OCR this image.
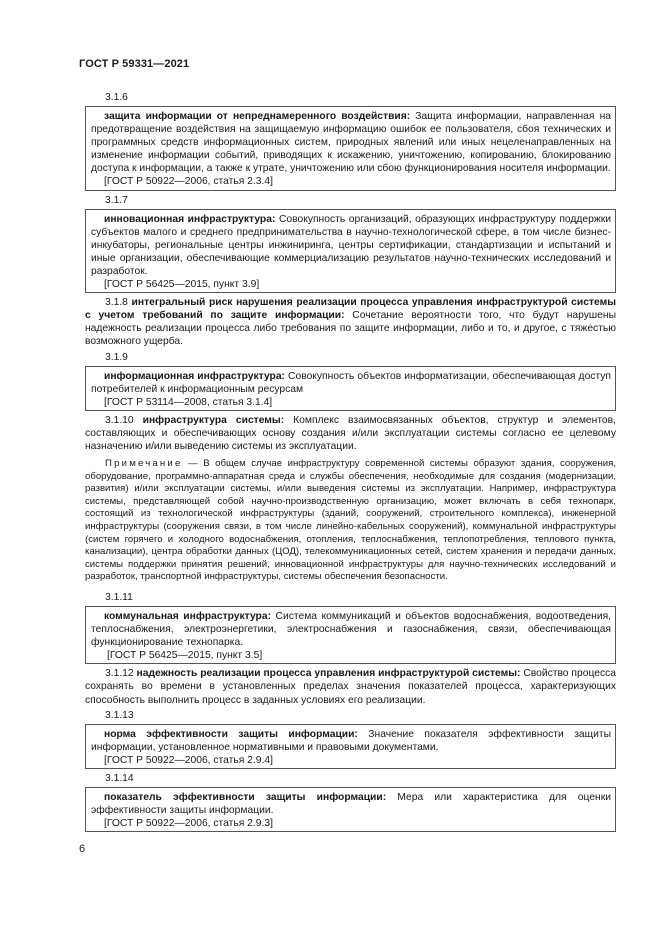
ГОСТ Р 59331—2021
3.1.6
защита информации от непреднамеренного воздействия: Защита информации, направленная на предотвращение воздействия на защищаемую информацию ошибок ее пользователя, сбоя технических и программных средств информационных систем, природных явлений или иных нецеленаправленных на изменение информации событий, приводящих к искажению, уничтожению, копированию, блокированию доступа к информации, а также к утрате, уничтожению или сбою функционирования носителя информации.
[ГОСТ Р 50922—2006, статья 2.3.4]
3.1.7
инновационная инфраструктура: Совокупность организаций, образующих инфраструктуру поддержки субъектов малого и среднего предпринимательства в научно-технологической сфере, в том числе бизнес-инкубаторы, региональные центры инжиниринга, центры сертификации, стандартизации и испытаний и иные организации, обеспечивающие коммерциализацию результатов научно-технических исследований и разработок.
[ГОСТ Р 56425—2015, пункт 3.9]
3.1.8 интегральный риск нарушения реализации процесса управления инфраструктурой системы с учетом требований по защите информации: Сочетание вероятности того, что будут нарушены надежность реализации процесса либо требования по защите информации, либо и то, и другое, с тяжестью возможного ущерба.
3.1.9
информационная инфраструктура: Совокупность объектов информатизации, обеспечивающая доступ потребителей к информационным ресурсам
[ГОСТ Р 53114—2008, статья 3.1.4]
3.1.10 инфраструктура системы: Комплекс взаимосвязанных объектов, структур и элементов, составляющих и обеспечивающих основу создания и/или эксплуатации системы согласно ее целевому назначению и/или выведению системы из эксплуатации.
Примечание — В общем случае инфраструктуру современной системы образуют здания, сооружения, оборудование, программно-аппаратная среда и службы обеспечения, необходимые для создания (модернизации, развития) и/или эксплуатации системы, и/или выведения системы из эксплуатации. Например, инфраструктура системы, представляющей собой научно-производственную организацию, может включать в себя технопарк, состоящий из технологической инфраструктуры (зданий, сооружений, строительного комплекса), инженерной инфраструктуры (сооружения связи, в том числе линейно-кабельных сооружений), коммунальной инфраструктуры (систем горячего и холодного водоснабжения, отопления, теплоснабжения, теплопотребления, теплового пункта, канализации), центра обработки данных (ЦОД), телекоммуникационных сетей, систем хранения и передачи данных, системы поддержки принятия решений, инновационной инфраструктуры для научно-технических исследований и разработок, транспортной инфраструктуры, системы обеспечения безопасности.
3.1.11
коммунальная инфраструктура: Система коммуникаций и объектов водоснабжения, водоотведения, теплоснабжения, электроэнергетики, электроснабжения и газоснабжения, связи, обеспечивающая функционирование технопарка.
[ГОСТ Р 56425—2015, пункт 3.5]
3.1.12 надежность реализации процесса управления инфраструктурой системы: Свойство процесса сохранять во времени в установленных пределах значения показателей процесса, характеризующих способность выполнить процесс в заданных условиях его реализации.
3.1.13
норма эффективности защиты информации: Значение показателя эффективности защиты информации, установленное нормативными и правовыми документами.
[ГОСТ Р 50922—2006, статья 2.9.4]
3.1.14
показатель эффективности защиты информации: Мера или характеристика для оценки эффективности защиты информации.
[ГОСТ Р 50922—2006, статья 2.9.3]
6
